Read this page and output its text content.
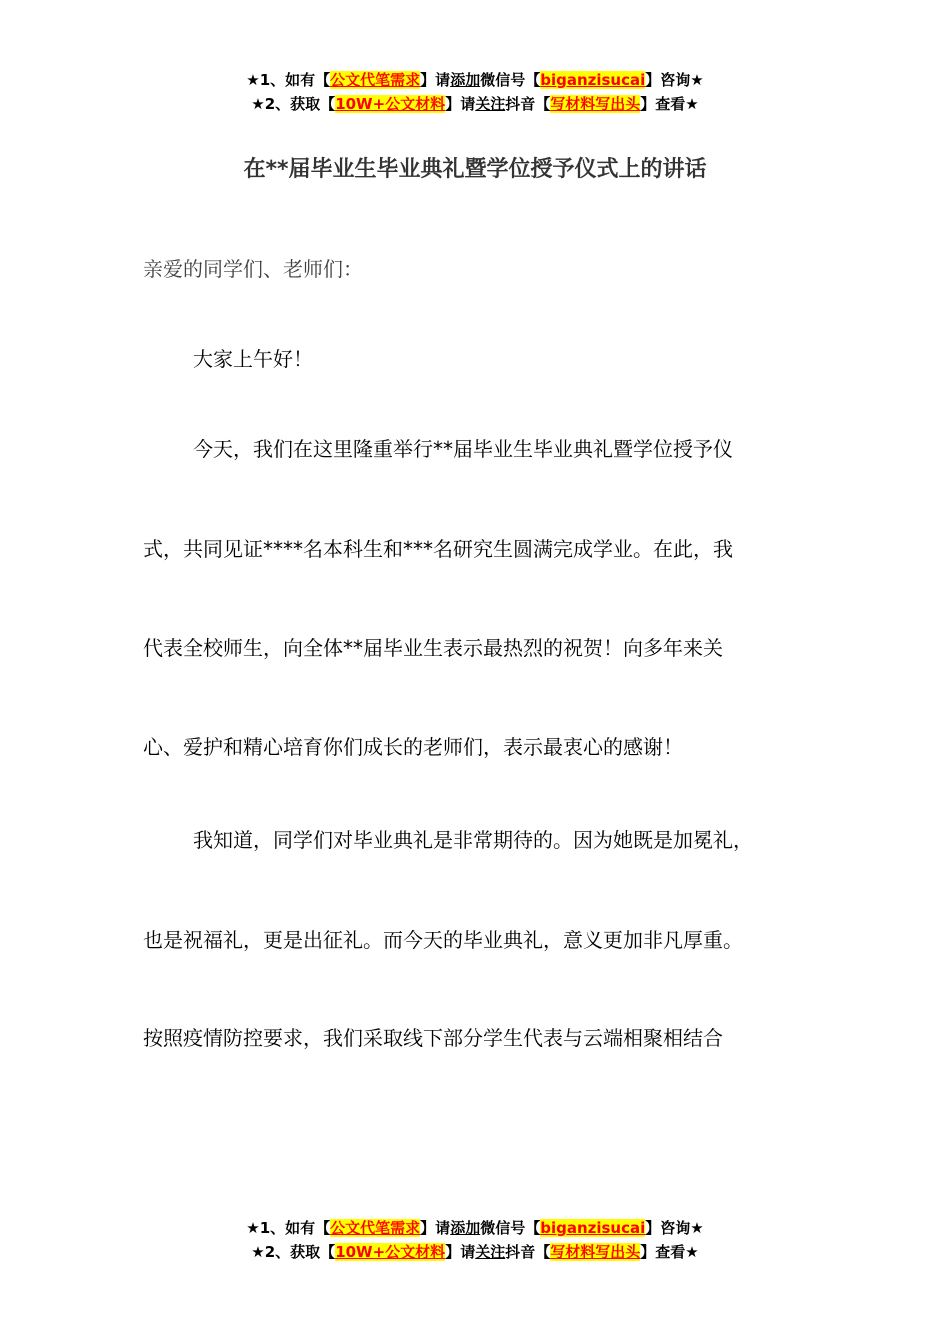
★1、如有【公文代笔需求】请添加微信号【biganzisucai】咨询★
★2、获取【10W+公文材料】请关注抖音【写材料写出头】查看★
在**届毕业生毕业典礼暨学位授予仪式上的讲话
亲爱的同学们、老师们：
大家上午好！
今天，我们在这里隆重举行**届毕业生毕业典礼暨学位授予仪
式，共同见证****名本科生和***名研究生圆满完成学业。在此，我
代表全校师生，向全体**届毕业生表示最热烈的祝贺！向多年来关
心、爱护和精心培育你们成长的老师们，表示最衷心的感谢！
我知道，同学们对毕业典礼是非常期待的。因为她既是加冕礼，
也是祝福礼，更是出征礼。而今天的毕业典礼，意义更加非凡厚重。
按照疫情防控要求，我们采取线下部分学生代表与云端相聚相结合
★1、如有【公文代笔需求】请添加微信号【biganzisucai】咨询★
★2、获取【10W+公文材料】请关注抖音【写材料写出头】查看★
